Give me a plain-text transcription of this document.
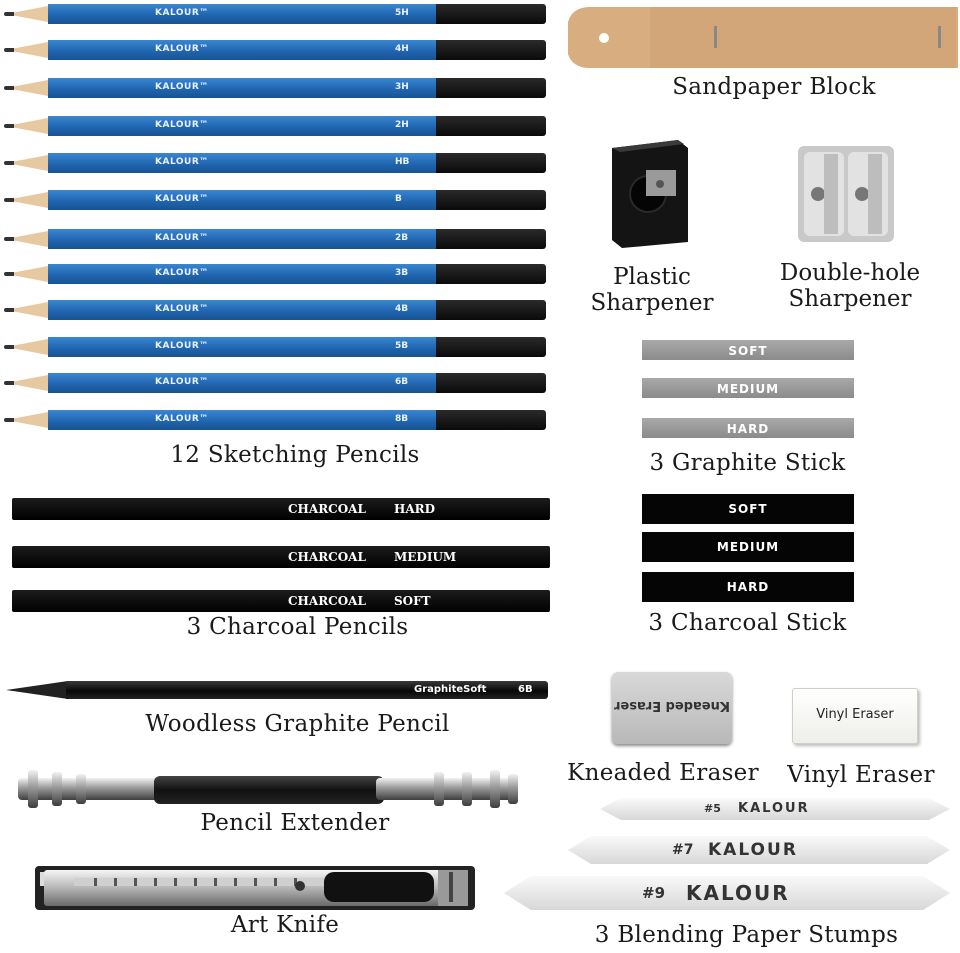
KALOUR™	5H
KALOUR™	4H
KALOUR™	3H
KALOUR™	2H
KALOUR™	HB
KALOUR™	B
KALOUR™	2B
KALOUR™	3B
KALOUR™	4B
KALOUR™	5B
KALOUR™	6B
KALOUR™	8B
12 Sketching Pencils
CHARCOAL HARD
CHARCOAL MEDIUM
CHARCOAL SOFT
3 Charcoal Pencils
GraphiteSoft	6B
Woodless Graphite Pencil
Pencil Extender
Art Knife
Sandpaper Block
Plastic
Sharpener
Double-hole
Sharpener
SOFT
MEDIUM
HARD
3 Graphite Stick
SOFT
MEDIUM
HARD
3 Charcoal Stick
Kneaded Eraser
Kneaded Eraser
Vinyl Eraser
Vinyl Eraser
#5 KALOUR
#7 KALOUR
#9 KALOUR
3 Blending Paper Stumps
